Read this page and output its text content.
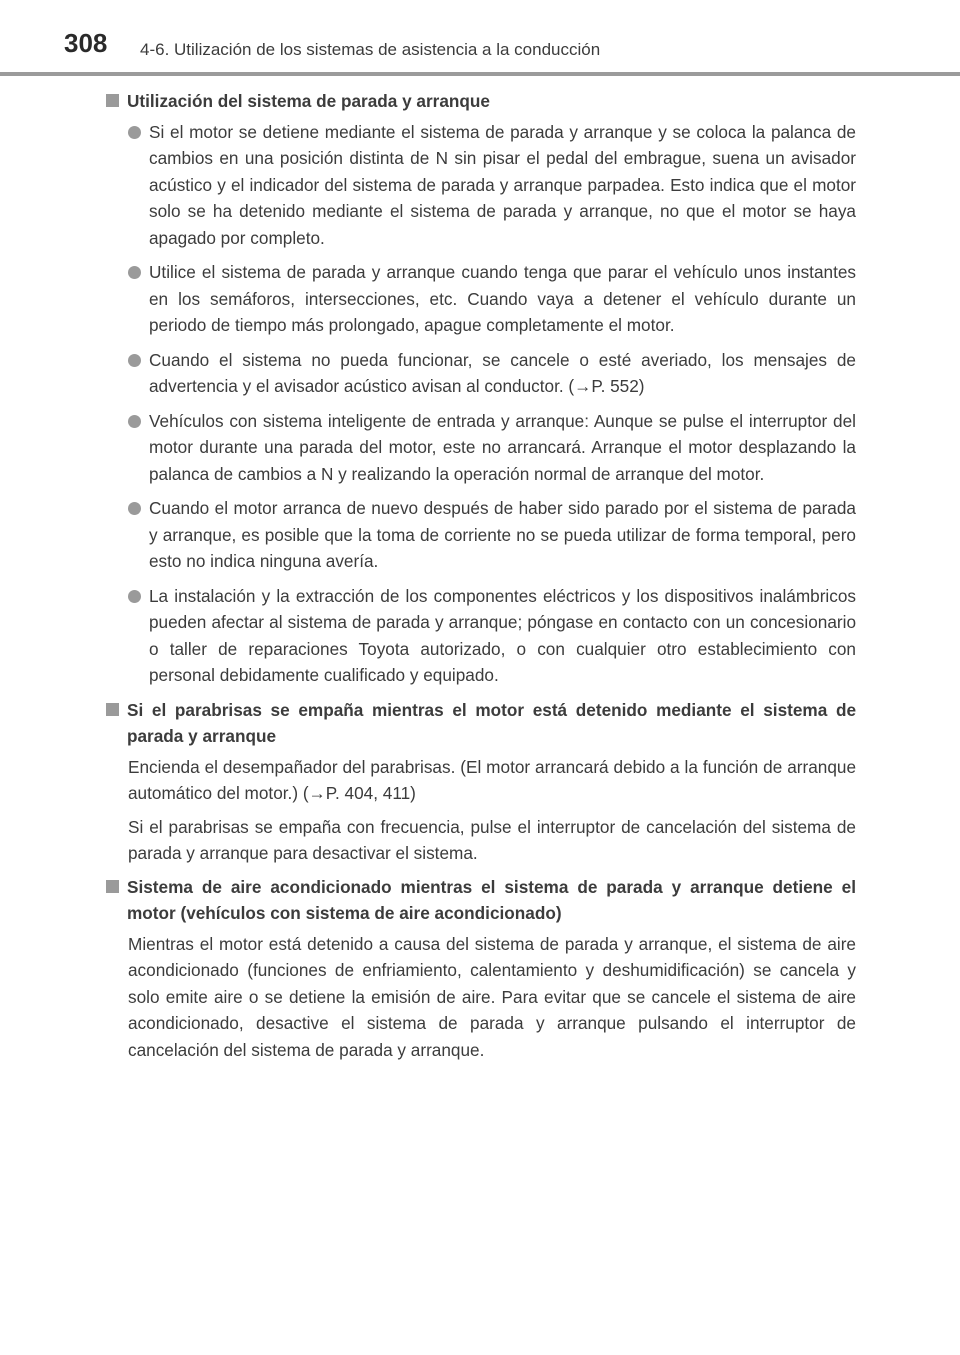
308 4-6. Utilización de los sistemas de asistencia a la conducción
Utilización del sistema de parada y arranque
Si el motor se detiene mediante el sistema de parada y arranque y se coloca la palanca de cambios en una posición distinta de N sin pisar el pedal del embrague, suena un avisador acústico y el indicador del sistema de parada y arranque parpadea. Esto indica que el motor solo se ha detenido mediante el sistema de parada y arranque, no que el motor se haya apagado por completo.
Utilice el sistema de parada y arranque cuando tenga que parar el vehículo unos instantes en los semáforos, intersecciones, etc. Cuando vaya a detener el vehículo durante un periodo de tiempo más prolongado, apague completamente el motor.
Cuando el sistema no pueda funcionar, se cancele o esté averiado, los mensajes de advertencia y el avisador acústico avisan al conductor. (→P. 552)
Vehículos con sistema inteligente de entrada y arranque: Aunque se pulse el interruptor del motor durante una parada del motor, este no arrancará. Arranque el motor desplazando la palanca de cambios a N y realizando la operación normal de arranque del motor.
Cuando el motor arranca de nuevo después de haber sido parado por el sistema de parada y arranque, es posible que la toma de corriente no se pueda utilizar de forma temporal, pero esto no indica ninguna avería.
La instalación y la extracción de los componentes eléctricos y los dispositivos inalámbricos pueden afectar al sistema de parada y arranque; póngase en contacto con un concesionario o taller de reparaciones Toyota autorizado, o con cualquier otro establecimiento con personal debidamente cualificado y equipado.
Si el parabrisas se empaña mientras el motor está detenido mediante el sistema de parada y arranque

Encienda el desempañador del parabrisas. (El motor arrancará debido a la función de arranque automático del motor.) (→P. 404, 411)

Si el parabrisas se empaña con frecuencia, pulse el interruptor de cancelación del sistema de parada y arranque para desactivar el sistema.

Sistema de aire acondicionado mientras el sistema de parada y arranque detiene el motor (vehículos con sistema de aire acondicionado)

Mientras el motor está detenido a causa del sistema de parada y arranque, el sistema de aire acondicionado (funciones de enfriamiento, calentamiento y deshumidificación) se cancela y solo emite aire o se detiene la emisión de aire. Para evitar que se cancele el sistema de aire acondicionado, desactive el sistema de parada y arranque pulsando el interruptor de cancelación del sistema de parada y arranque.
